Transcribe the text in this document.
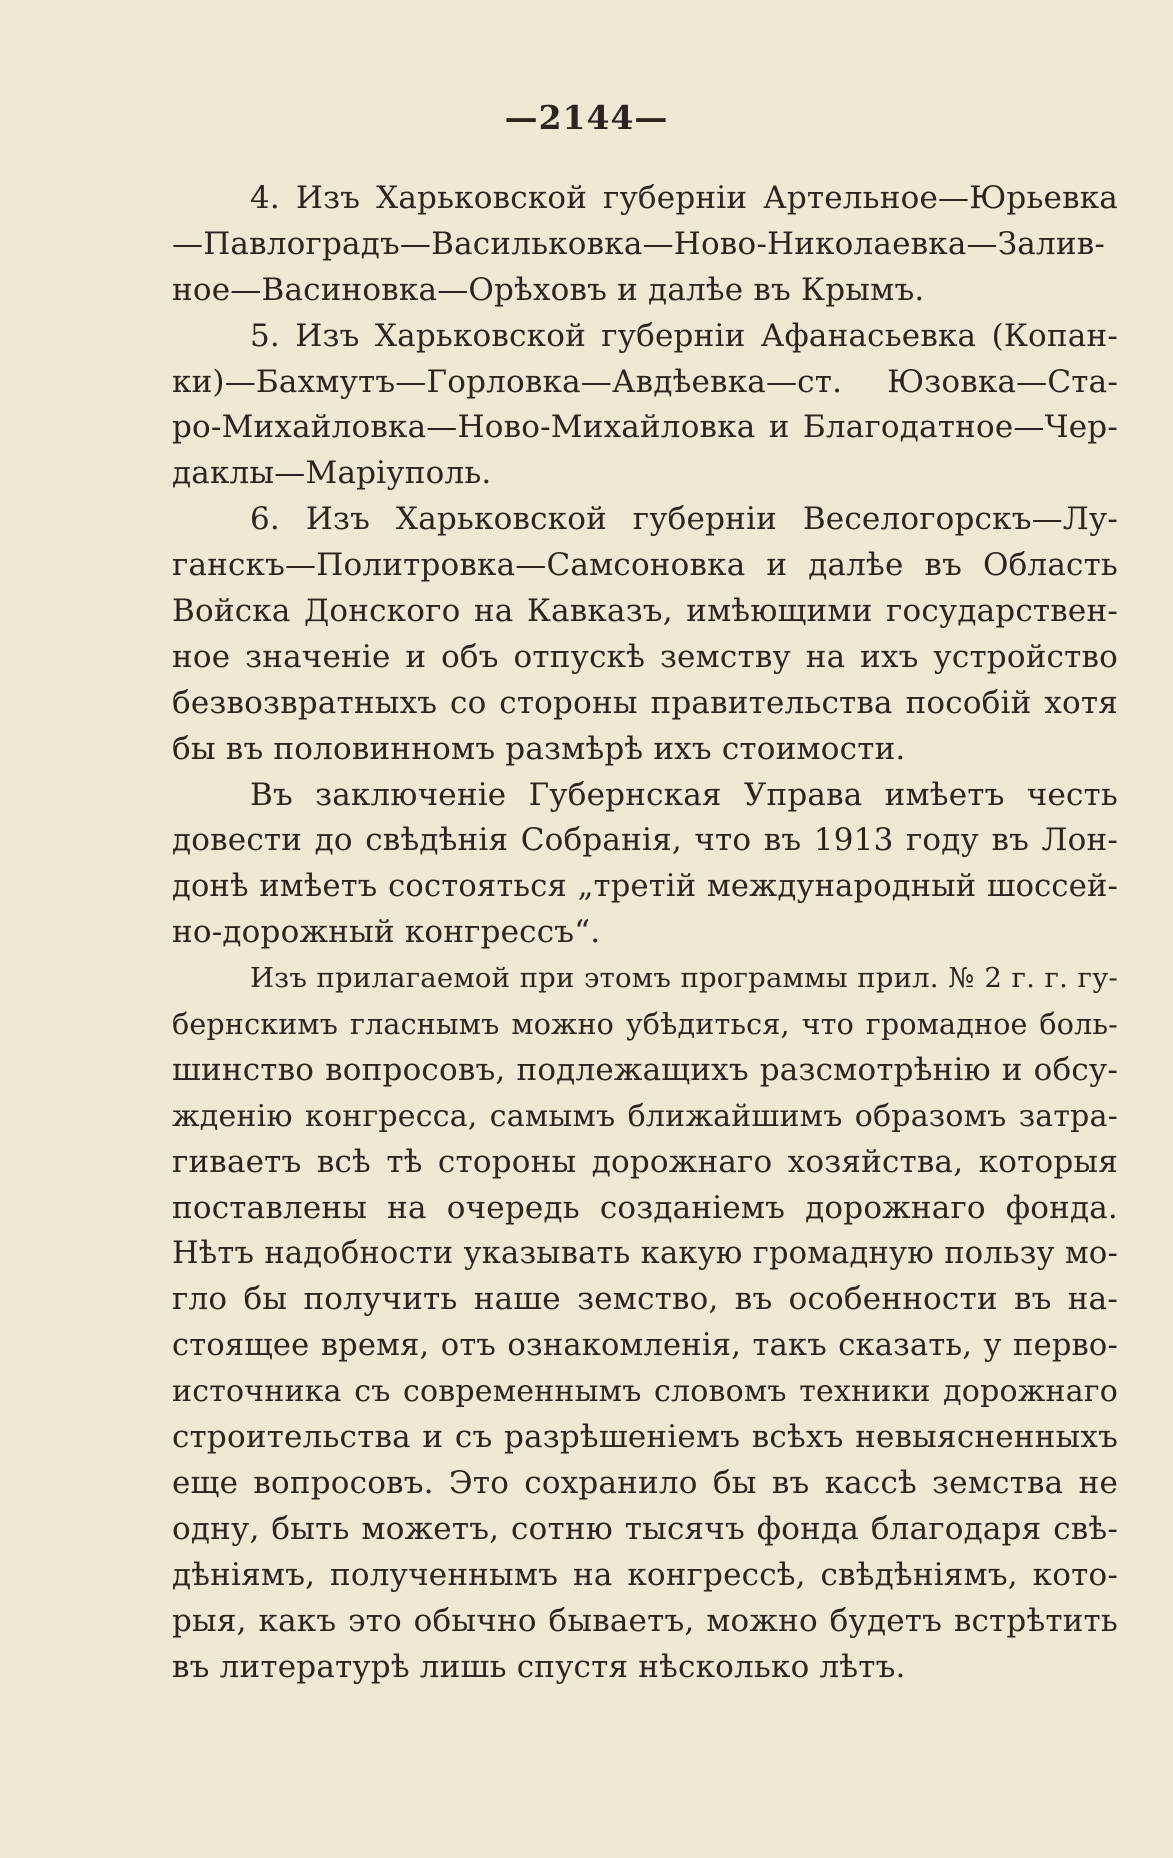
—2144—
4. Изъ Харьковской губерніи Артельное—Юрьевка
—Павлоградъ—Васильковка—Ново-Николаевка—Залив-
ное—Васиновка—Орѣховъ и далѣе въ Крымъ.
5. Изъ Харьковской губерніи Афанасьевка (Копан-
ки)—Бахмутъ—Горловка—Авдѣевка—ст. Юзовка—Ста-
ро-Михайловка—Ново-Михайловка и Благодатное—Чер-
даклы—Маріуполь.
6. Изъ Харьковской губерніи Веселогорскъ—Лу-
ганскъ—Политровка—Самсоновка и далѣе въ Область
Войска Донского на Кавказъ, имѣющими государствен-
ное значеніе и объ отпускѣ земству на ихъ устройство
безвозвратныхъ со стороны правительства пособій хотя
бы въ половинномъ размѣрѣ ихъ стоимости.
Въ заключеніе Губернская Управа имѣетъ честь
довести до свѣдѣнія Собранія, что въ 1913 году въ Лон-
донѣ имѣетъ состояться „третій международный шоссей-
но-дорожный конгрессъ“.
Изъ прилагаемой при этомъ программы прил. № 2 г. г. гу-
бернскимъ гласнымъ можно убѣдиться, что громадное боль-
шинство вопросовъ, подлежащихъ разсмотрѣнію и обсу-
жденію конгресса, самымъ ближайшимъ образомъ затра-
гиваетъ всѣ тѣ стороны дорожнаго хозяйства, которыя
поставлены на очередь созданіемъ дорожнаго фонда.
Нѣтъ надобности указывать какую громадную пользу мо-
гло бы получить наше земство, въ особенности въ на-
стоящее время, отъ ознакомленія, такъ сказать, у перво-
источника съ современнымъ словомъ техники дорожнаго
строительства и съ разрѣшеніемъ всѣхъ невыясненныхъ
еще вопросовъ. Это сохранило бы въ кассѣ земства не
одну, быть можетъ, сотню тысячъ фонда благодаря свѣ-
дѣніямъ, полученнымъ на конгрессѣ, свѣдѣніямъ, кото-
рыя, какъ это обычно бываетъ, можно будетъ встрѣтить
въ литературѣ лишь спустя нѣсколько лѣтъ.
